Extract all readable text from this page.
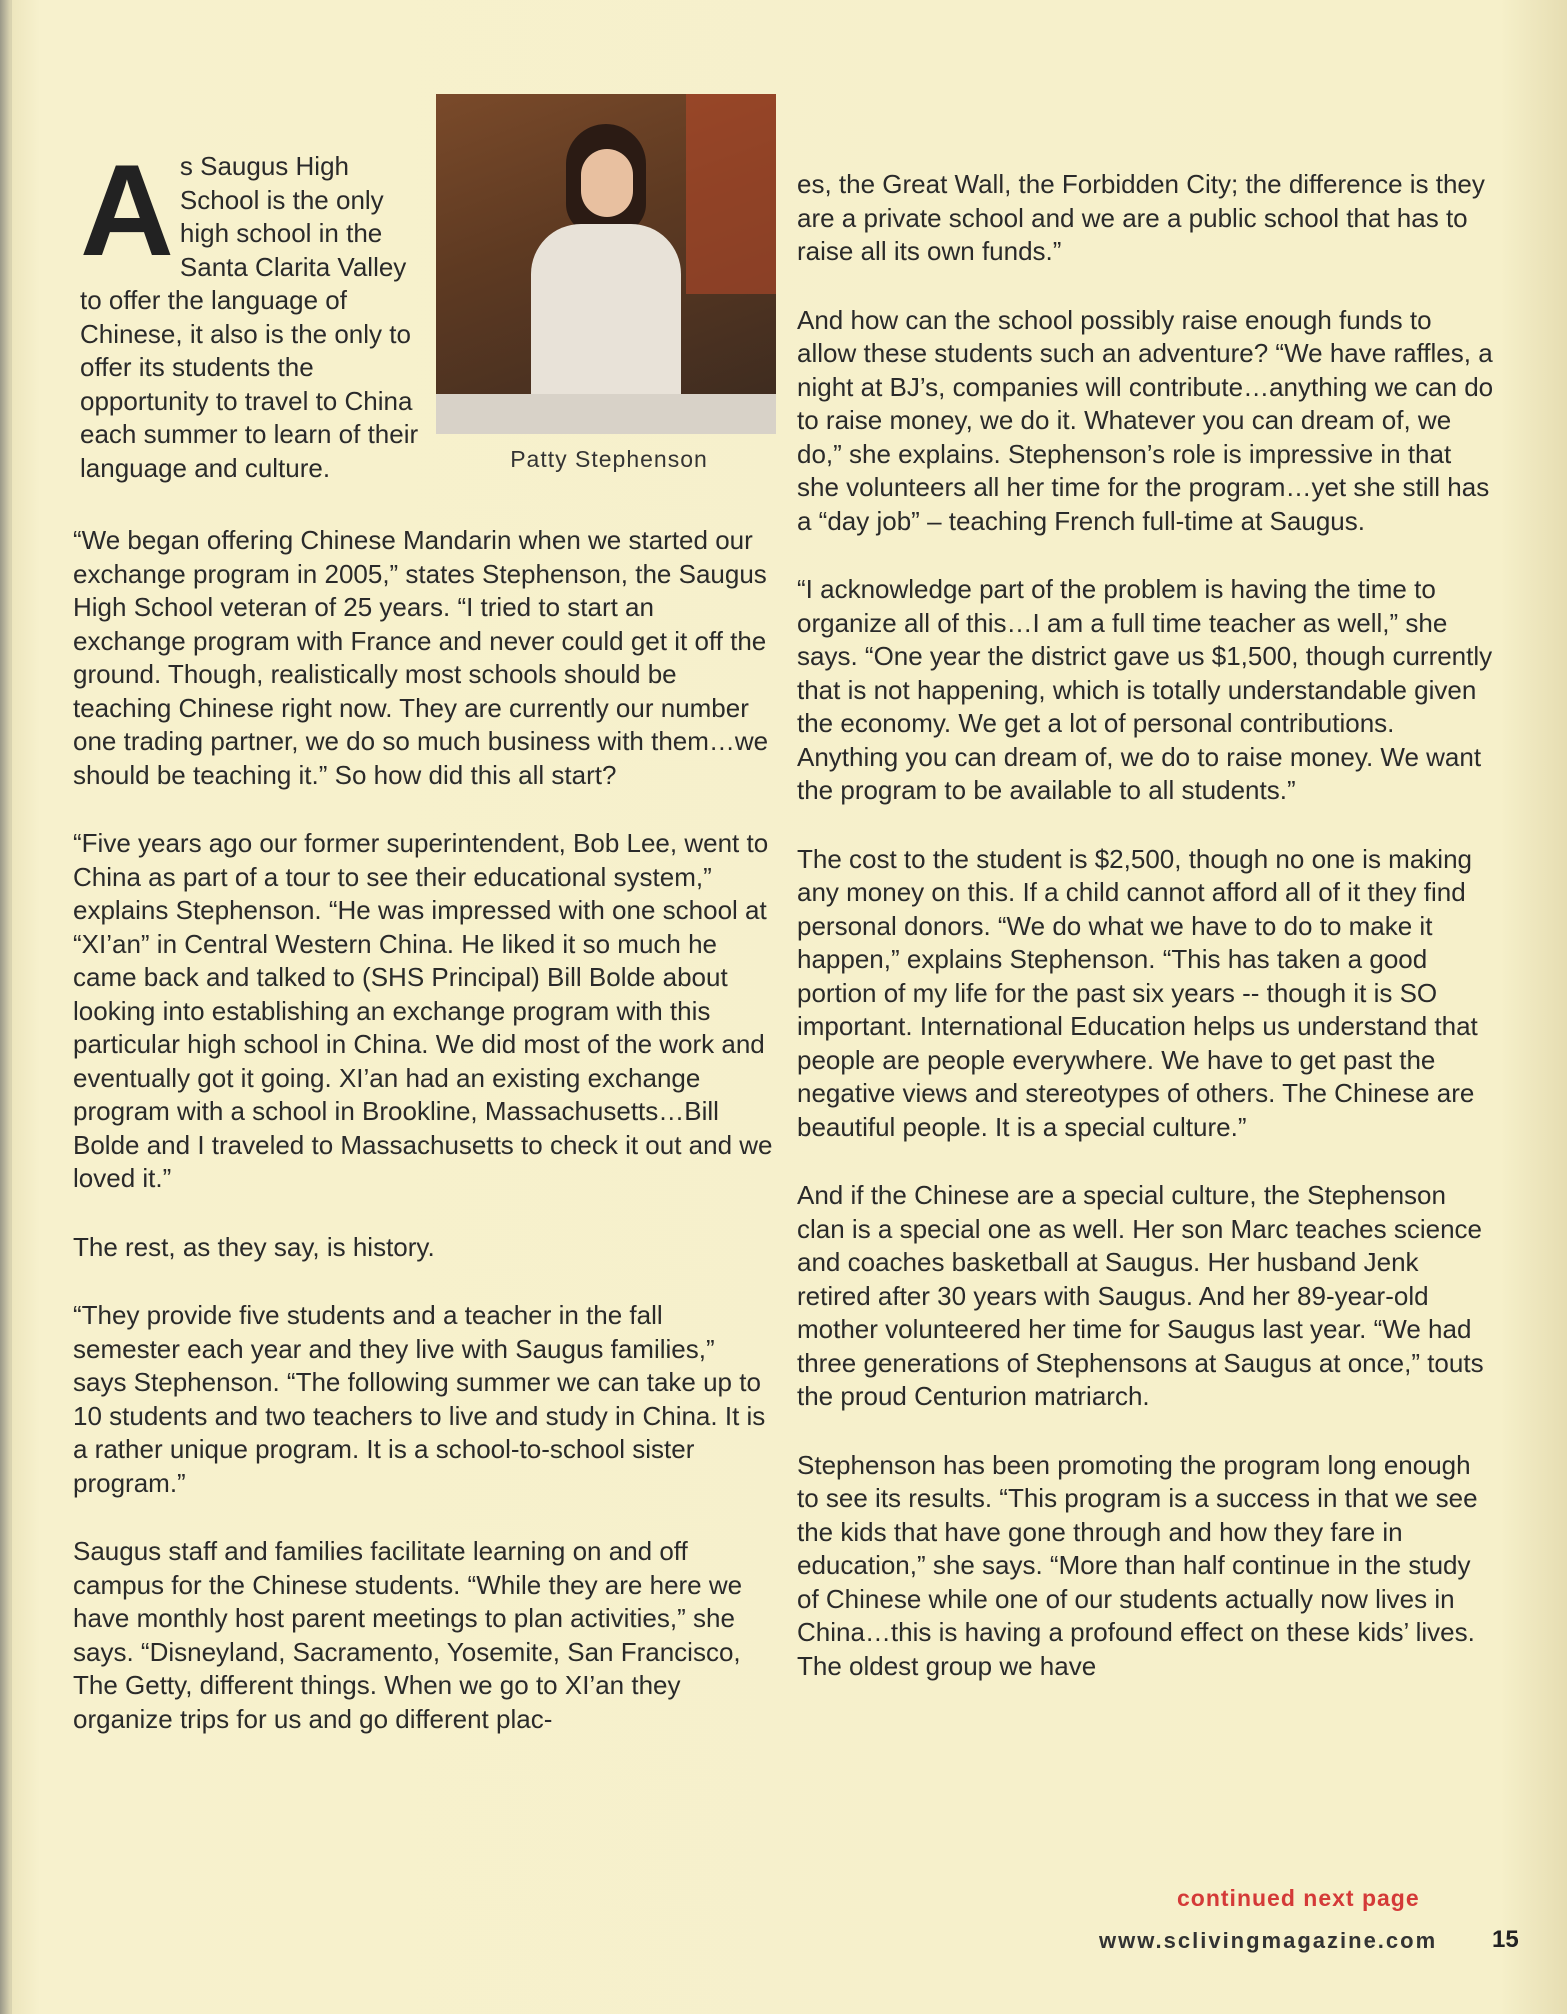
A s Saugus High School is the only high school in the Santa Clarita Valley to offer the language of Chinese, it also is the only to offer its students the opportunity to travel to China each summer to learn of their language and culture.	Patty Stephenson

“We began offering Chinese Mandarin when we started our exchange program in 2005,” states Stephenson, the Saugus High School veteran of 25 years. “I tried to start an exchange program with France and never could get it off the ground. Though, realistically most schools should be teaching Chinese right now. They are currently our number one trading partner, we do so much business with them…we should be teaching it.” So how did this all start?

“Five years ago our former superintendent, Bob Lee, went to China as part of a tour to see their educational system,” explains Stephenson. “He was impressed with one school at “XI’an” in Central Western China. He liked it so much he came back and talked to (SHS Principal) Bill Bolde about looking into establishing an exchange program with this particular high school in China. We did most of the work and eventually got it going. XI’an had an existing exchange program with a school in Brookline, Massachusetts…Bill Bolde and I traveled to Massachusetts to check it out and we loved it.”

The rest, as they say, is history.

“They provide five students and a teacher in the fall semester each year and they live with Saugus families,” says Stephenson. “The following summer we can take up to 10 students and two teachers to live and study in China. It is a rather unique program. It is a school-to-school sister program.”

Saugus staff and families facilitate learning on and off campus for the Chinese students. “While they are here we have monthly host parent meetings to plan activities,” she says. “Disneyland, Sacramento, Yosemite, San Francisco, The Getty, different things. When we go to XI’an they organize trips for us and go different plac-

es, the Great Wall, the Forbidden City; the difference is they are a private school and we are a public school that has to raise all its own funds.”

And how can the school possibly raise enough funds to allow these students such an adventure? “We have raffles, a night at BJ’s, companies will contribute…anything we can do to raise money, we do it. Whatever you can dream of, we do,” she explains. Stephenson’s role is impressive in that she volunteers all her time for the program…yet she still has a “day job” – teaching French full-time at Saugus.

“I acknowledge part of the problem is having the time to organize all of this…I am a full time teacher as well,” she says. “One year the district gave us $1,500, though currently that is not happening, which is totally understandable given the economy. We get a lot of personal contributions. Anything you can dream of, we do to raise money. We want the program to be available to all students.”

The cost to the student is $2,500, though no one is making any money on this. If a child cannot afford all of it they find personal donors. “We do what we have to do to make it happen,” explains Stephenson. “This has taken a good portion of my life for the past six years -- though it is SO important. International Education helps us understand that people are people everywhere. We have to get past the negative views and stereotypes of others. The Chinese are beautiful people. It is a special culture.”

And if the Chinese are a special culture, the Stephenson clan is a special one as well. Her son Marc teaches science and coaches basketball at Saugus. Her husband Jenk retired after 30 years with Saugus. And her 89-year-old mother volunteered her time for Saugus last year. “We had three generations of Stephensons at Saugus at once,” touts the proud Centurion matriarch.

Stephenson has been promoting the program long enough to see its results. “This program is a success in that we see the kids that have gone through and how they fare in education,” she says. “More than half continue in the study of Chinese while one of our students actually now lives in China…this is having a profound effect on these kids’ lives. The oldest group we have

continued next page
www.sclivingmagazine.com 15
